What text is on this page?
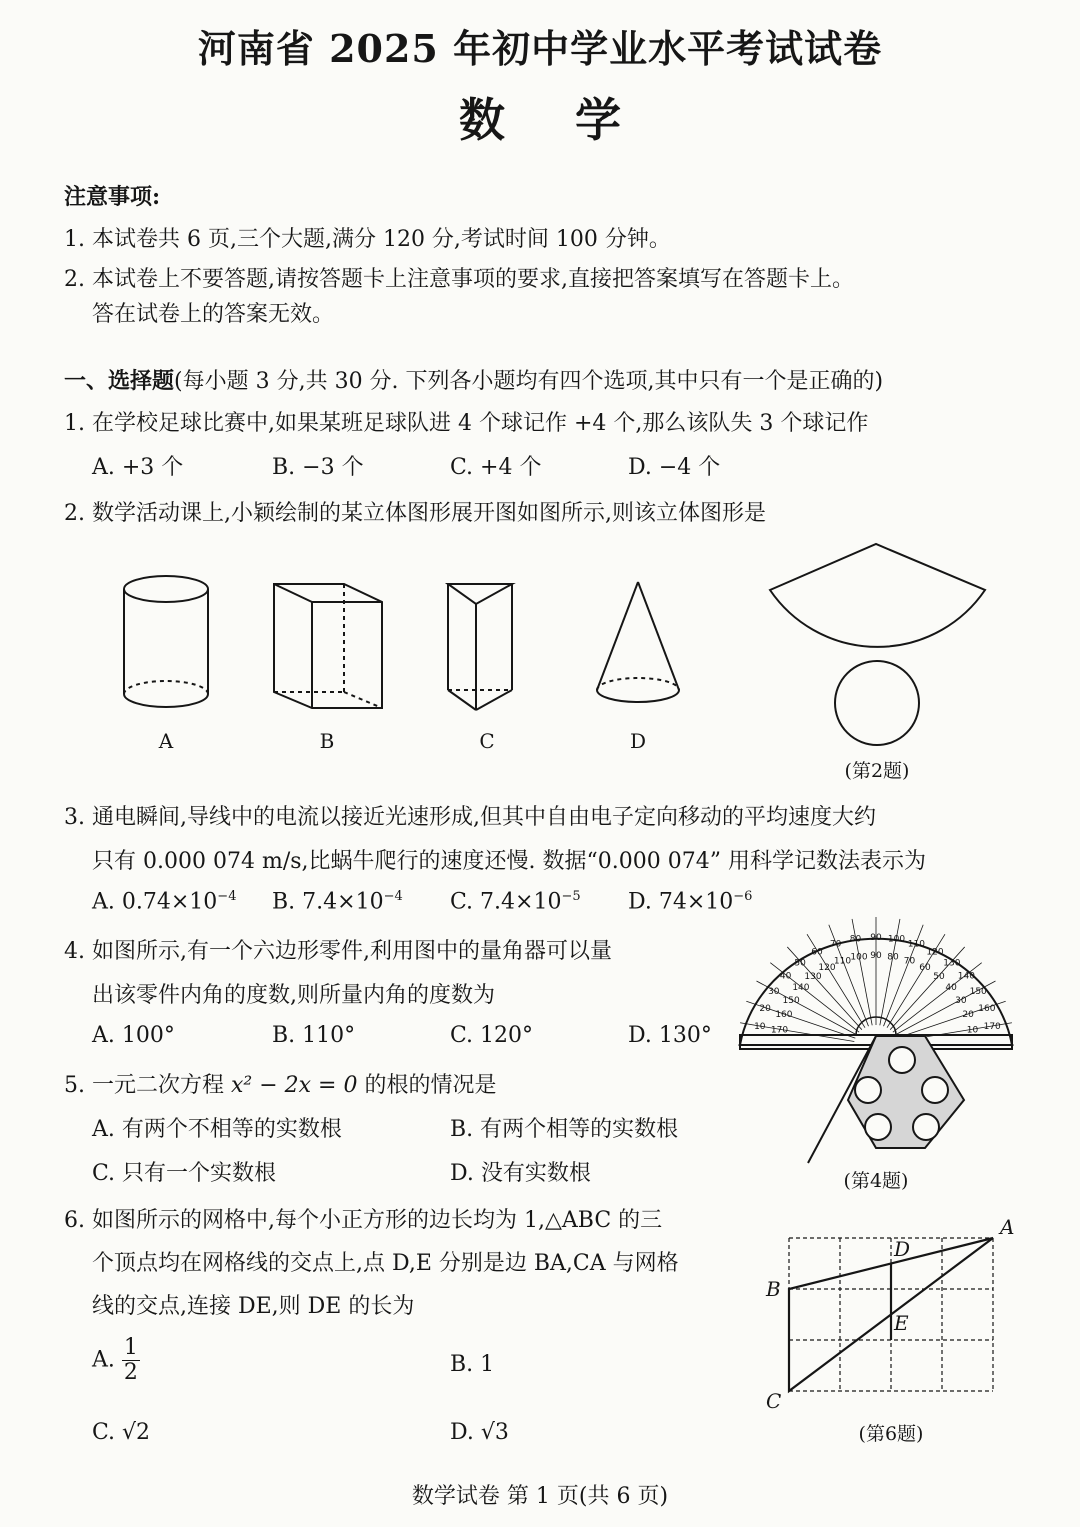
河南省 2025 年初中学业水平考试试卷
数学
注意事项:
1. 本试卷共 6 页,三个大题,满分 120 分,考试时间 100 分钟。
2. 本试卷上不要答题,请按答题卡上注意事项的要求,直接把答案填写在答题卡上。
答在试卷上的答案无效。
一、选择题(每小题 3 分,共 30 分. 下列各小题均有四个选项,其中只有一个是正确的)
1. 在学校足球比赛中,如果某班足球队进 4 个球记作 +4 个,那么该队失 3 个球记作
A. +3 个	B. −3 个	C. +4 个	D. −4 个
2. 数学活动课上,小颖绘制的某立体图形展开图如图所示,则该立体图形是
A	B	C	D
(第2题)
3. 通电瞬间,导线中的电流以接近光速形成,但其中自由电子定向移动的平均速度大约
只有 0.000 074 m/s,比蜗牛爬行的速度还慢. 数据“0.000 074” 用科学记数法表示为
A. $0.74\times 10^{-4}$ B. $7.4\times 10^{-4}$ C. $7.4\times 10^{-5}$ D. $74\times 10^{-6}$
4. 如图所示,有一个六边形零件,利用图中的量角器可以量
出该零件内角的度数,则所量内角的度数为
A. 100°	B. 110°	C. 120°	D. 130°	170
10
160
20
150
30
140
40
130
50
120
60
110
70
100
80
90
90
80
100
70
110
60
120
50
130
40
140
30
150
20
160
10 170
(第4题)
5. 一元二次方程 x² − 2x = 0 的根的情况是
A. 有两个不相等的实数根	B. 有两个相等的实数根
C. 只有一个实数根	D. 没有实数根
6. 如图所示的网格中,每个小正方形的边长均为 1,△ABC 的三
个顶点均在网格线的交点上,点 D,E 分别是边 BA,CA 与网格
线的交点,连接 DE,则 DE 的长为
A. $\frac{1}{2}$	B. 1
C. √2	D. √3
A
B
C
D
E
(第6题)
数学试卷 第 1 页(共 6 页)
